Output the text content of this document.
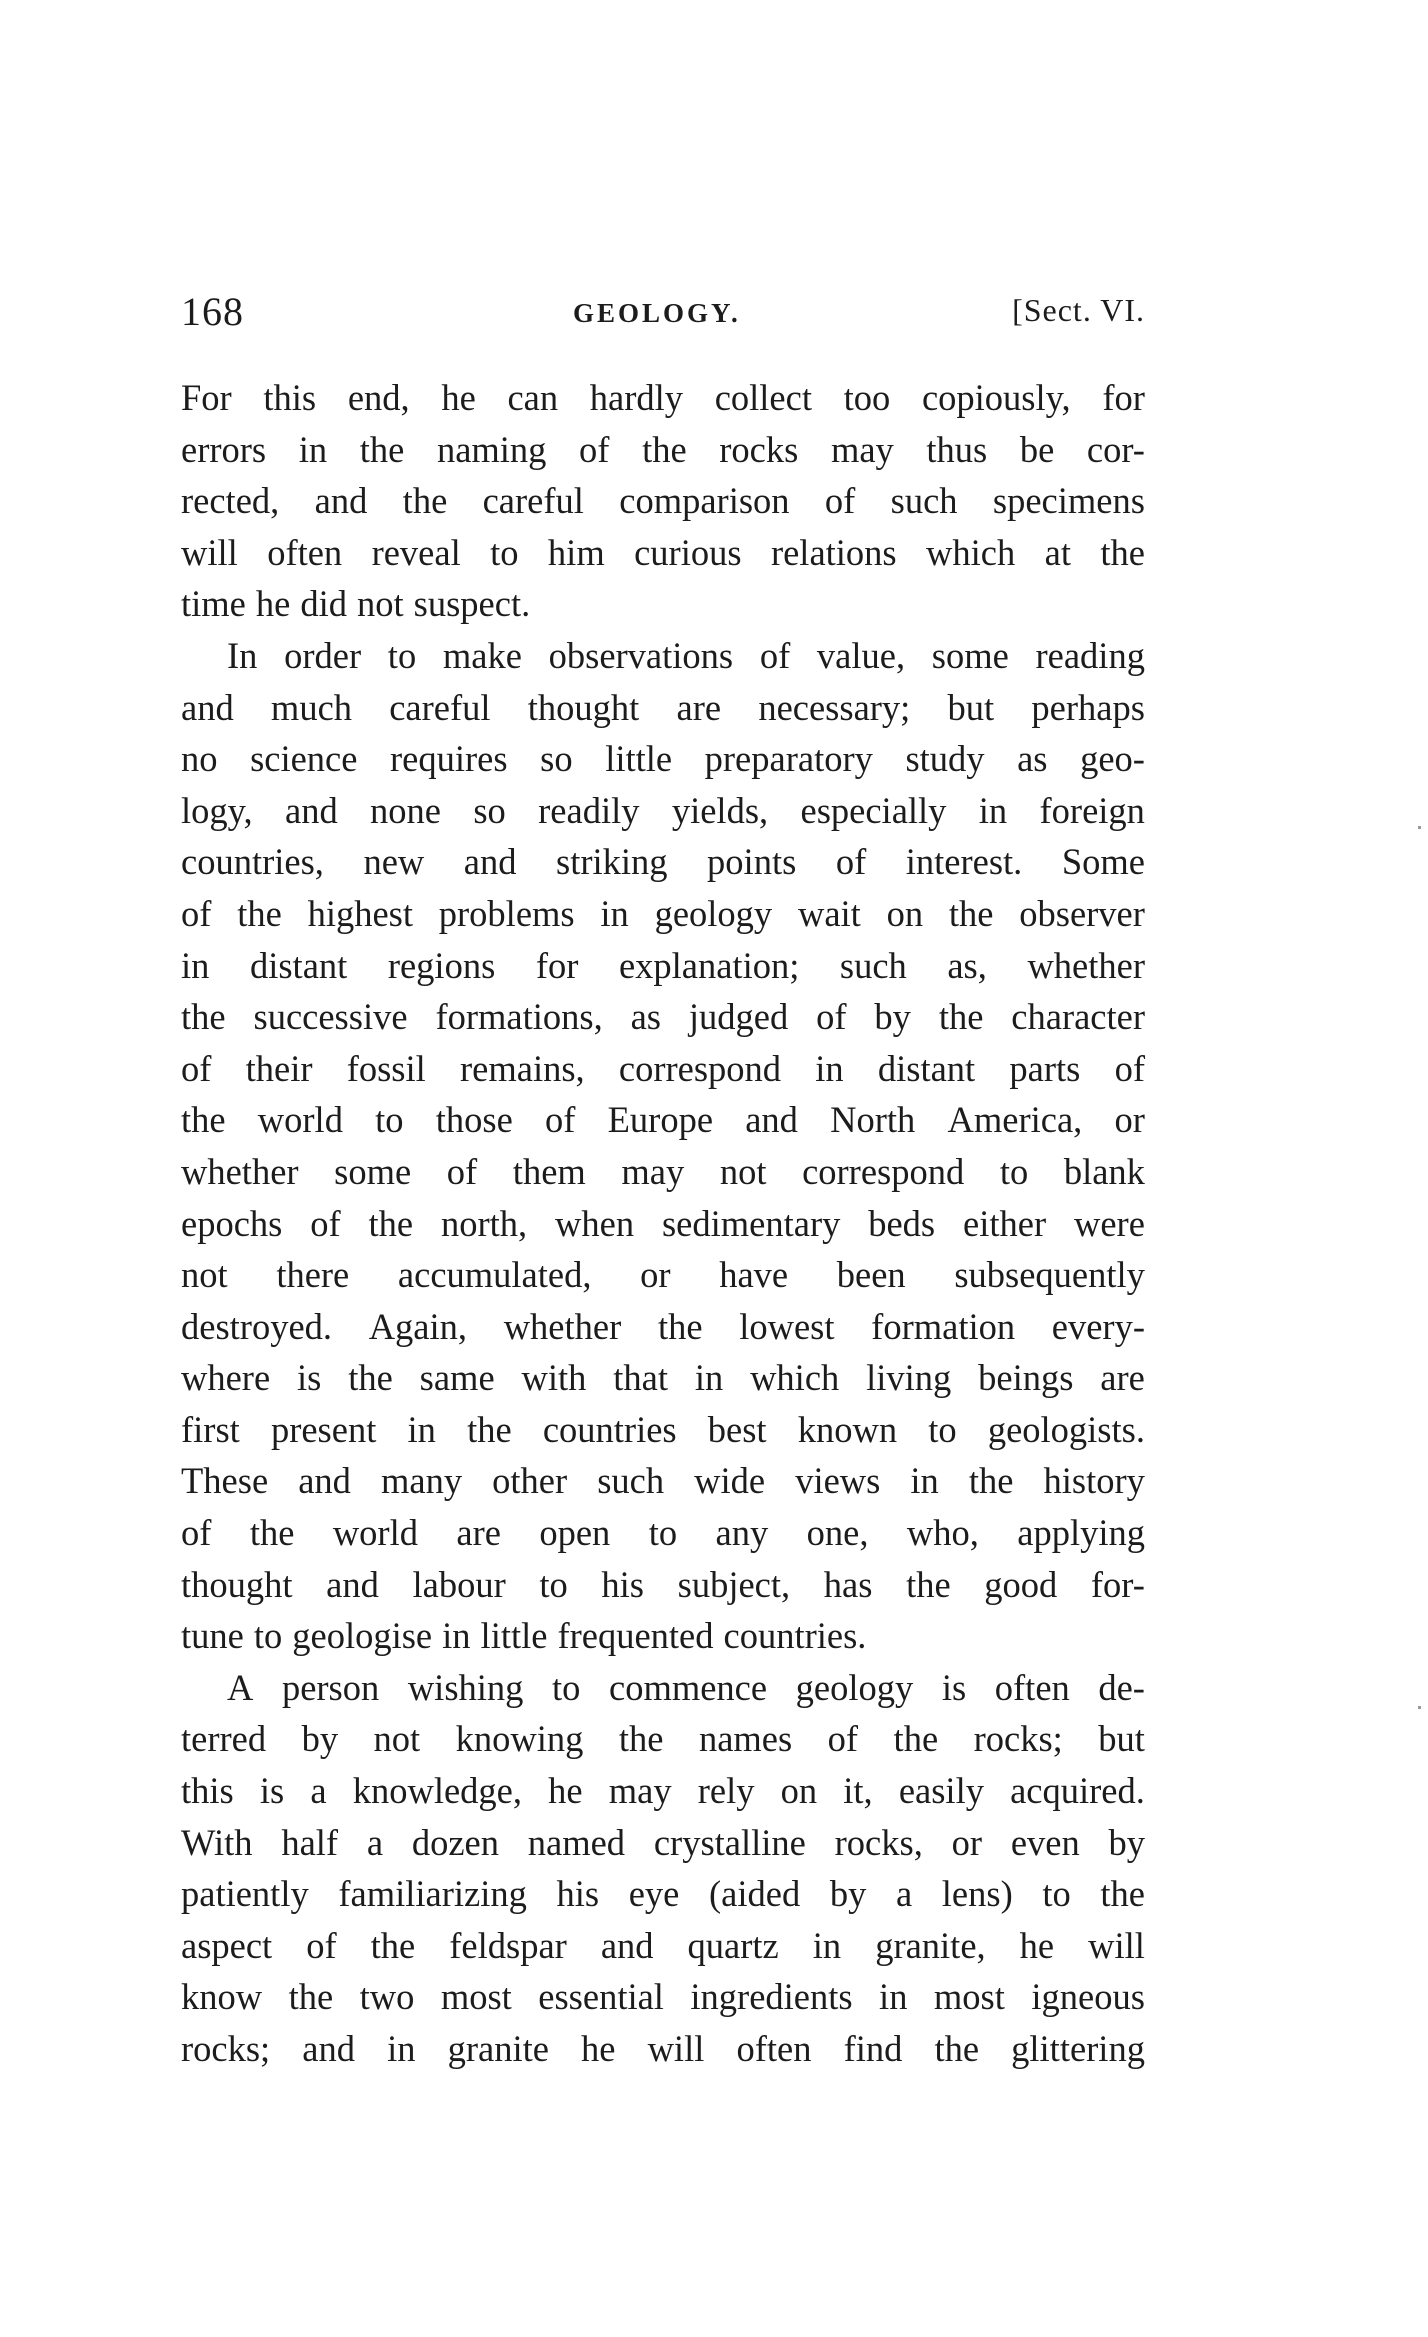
168	GEOLOGY.	[Sect. VI.
For this end, he can hardly collect too copiously, for
errors in the naming of the rocks may thus be cor-
rected, and the careful comparison of such specimens
will often reveal to him curious relations which at the
time he did not suspect.
In order to make observations of value, some reading
and much careful thought are necessary; but perhaps
no science requires so little preparatory study as geo-
logy, and none so readily yields, especially in foreign
countries, new and striking points of interest. Some
of the highest problems in geology wait on the observer
in distant regions for explanation; such as, whether
the successive formations, as judged of by the character
of their fossil remains, correspond in distant parts of
the world to those of Europe and North America, or
whether some of them may not correspond to blank
epochs of the north, when sedimentary beds either were
not there accumulated, or have been subsequently
destroyed. Again, whether the lowest formation every-
where is the same with that in which living beings are
first present in the countries best known to geologists.
These and many other such wide views in the history
of the world are open to any one, who, applying
thought and labour to his subject, has the good for-
tune to geologise in little frequented countries.
A person wishing to commence geology is often de-
terred by not knowing the names of the rocks; but
this is a knowledge, he may rely on it, easily acquired.
With half a dozen named crystalline rocks, or even by
patiently familiarizing his eye (aided by a lens) to the
aspect of the feldspar and quartz in granite, he will
know the two most essential ingredients in most igneous
rocks; and in granite he will often find the glittering
